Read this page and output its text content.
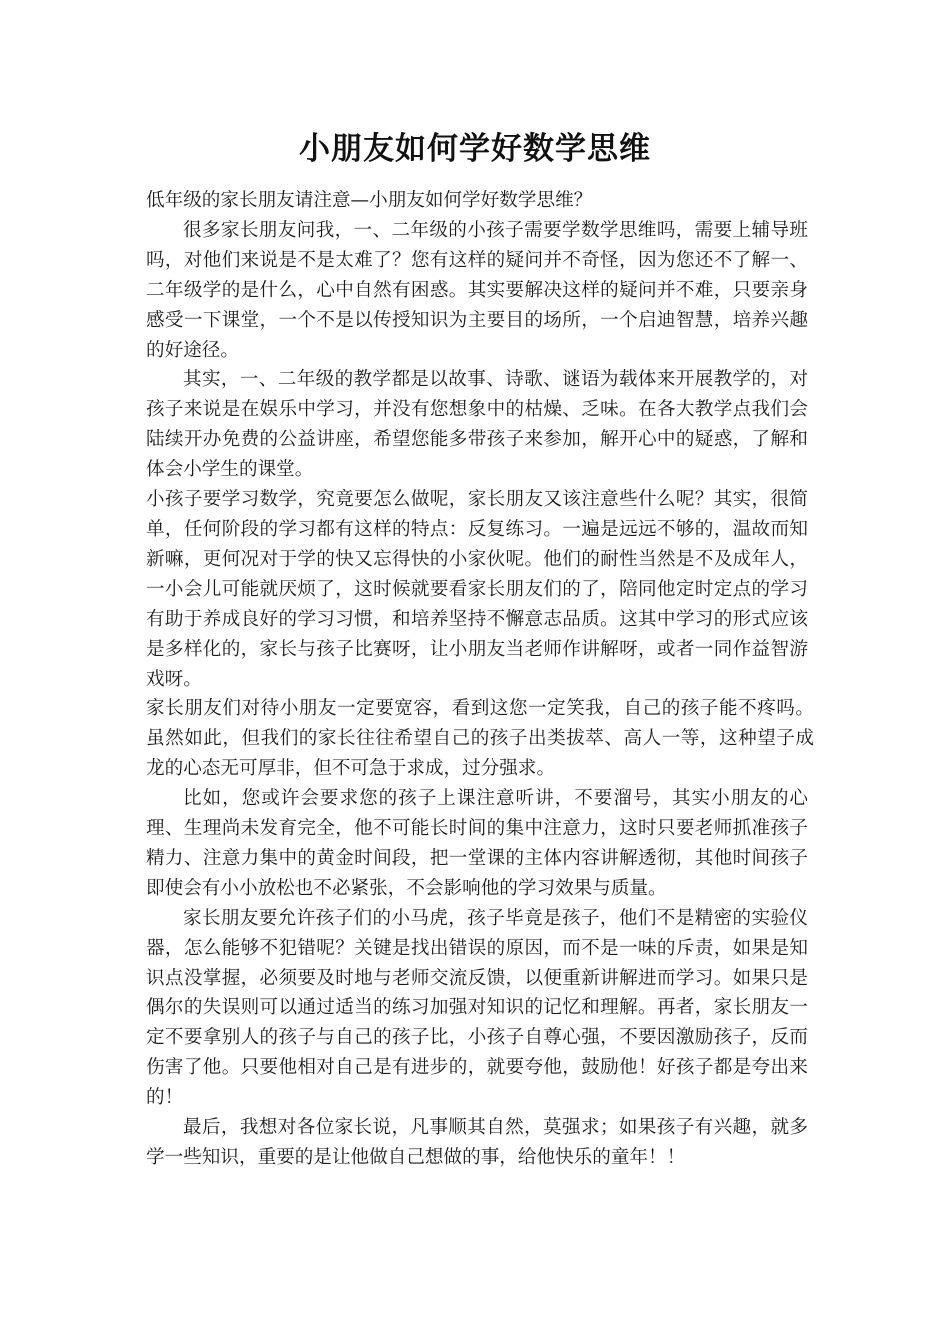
小朋友如何学好数学思维

低年级的家长朋友请注意—小朋友如何学好数学思维？

很多家长朋友问我，一、二年级的小孩子需要学数学思维吗，需要上辅导班吗，对他们来说是不是太难了？您有这样的疑问并不奇怪，因为您还不了解一、二年级学的是什么，心中自然有困惑。其实要解决这样的疑问并不难，只要亲身感受一下课堂，一个不是以传授知识为主要目的场所，一个启迪智慧，培养兴趣的好途径。

其实，一、二年级的教学都是以故事、诗歌、谜语为载体来开展教学的，对孩子来说是在娱乐中学习，并没有您想象中的枯燥、乏味。在各大教学点我们会陆续开办免费的公益讲座，希望您能多带孩子来参加，解开心中的疑惑，了解和体会小学生的课堂。

小孩子要学习数学，究竟要怎么做呢，家长朋友又该注意些什么呢？其实，很简单，任何阶段的学习都有这样的特点：反复练习。一遍是远远不够的，温故而知新嘛，更何况对于学的快又忘得快的小家伙呢。他们的耐性当然是不及成年人，一小会儿可能就厌烦了，这时候就要看家长朋友们的了，陪同他定时定点的学习有助于养成良好的学习习惯，和培养坚持不懈意志品质。这其中学习的形式应该是多样化的，家长与孩子比赛呀，让小朋友当老师作讲解呀，或者一同作益智游戏呀。

家长朋友们对待小朋友一定要宽容，看到这您一定笑我，自己的孩子能不疼吗。虽然如此，但我们的家长往往希望自己的孩子出类拔萃、高人一等，这种望子成龙的心态无可厚非，但不可急于求成，过分强求。

比如，您或许会要求您的孩子上课注意听讲，不要溜号，其实小朋友的心理、生理尚未发育完全，他不可能长时间的集中注意力，这时只要老师抓准孩子精力、注意力集中的黄金时间段，把一堂课的主体内容讲解透彻，其他时间孩子即使会有小小放松也不必紧张，不会影响他的学习效果与质量。

家长朋友要允许孩子们的小马虎，孩子毕竟是孩子，他们不是精密的实验仪器，怎么能够不犯错呢？关键是找出错误的原因，而不是一味的斥责，如果是知识点没掌握，必须要及时地与老师交流反馈，以便重新讲解进而学习。如果只是偶尔的失误则可以通过适当的练习加强对知识的记忆和理解。再者，家长朋友一定不要拿别人的孩子与自己的孩子比，小孩子自尊心强，不要因激励孩子，反而伤害了他。只要他相对自己是有进步的，就要夸他，鼓励他！好孩子都是夸出来的！

最后，我想对各位家长说，凡事顺其自然，莫强求；如果孩子有兴趣，就多学一些知识，重要的是让他做自己想做的事，给他快乐的童年！！
